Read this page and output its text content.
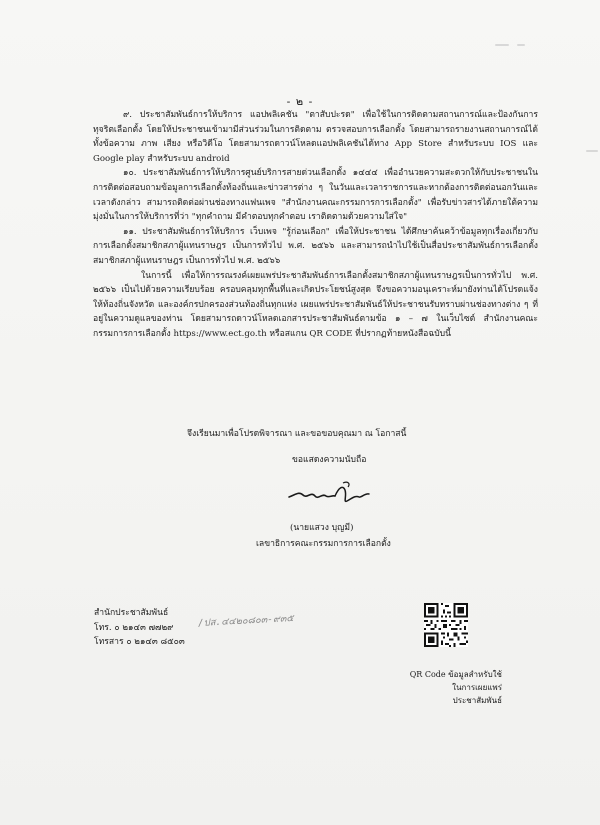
- ๒ -

๙. ประชาสัมพันธ์การให้บริการ แอปพลิเคชัน "ตาสับปะรด" เพื่อใช้ในการติดตามสถานการณ์และป้องกันการทุจริตเลือกตั้ง โดยให้ประชาชนเข้ามามีส่วนร่วมในการติดตาม ตรวจสอบการเลือกตั้ง โดยสามารถรายงานสถานการณ์ได้ทั้งข้อความ ภาพ เสียง หรือวิดีโอ โดยสามารถดาวน์โหลดแอปพลิเคชันได้ทาง App Store สำหรับระบบ IOS และ Google play สำหรับระบบ android

๑๐. ประชาสัมพันธ์การให้บริการศูนย์บริการสายด่วนเลือกตั้ง ๑๔๔๔ เพื่ออำนวยความสะดวกให้กับประชาชนในการติดต่อสอบถามข้อมูลการเลือกตั้งท้องถิ่นและข่าวสารต่าง ๆ ในวันและเวลาราชการและหากต้องการติดต่อนอกวันและเวลาดังกล่าว สามารถติดต่อผ่านช่องทางแฟนเพจ "สำนักงานคณะกรรมการการเลือกตั้ง" เพื่อรับข่าวสารได้ภายใต้ความมุ่งมั่นในการให้บริการที่ว่า "ทุกคำถาม มีคำตอบทุกคำตอบ เราติดตามด้วยความใส่ใจ"

๑๑. ประชาสัมพันธ์การให้บริการ เว็บเพจ "รู้ก่อนเลือก" เพื่อให้ประชาชน ได้ศึกษาค้นคว้าข้อมูลทุกเรื่องเกี่ยวกับการเลือกตั้งสมาชิกสภาผู้แทนราษฎร เป็นการทั่วไป พ.ศ. ๒๕๖๖ และสามารถนำไปใช้เป็นสื่อประชาสัมพันธ์การเลือกตั้งสมาชิกสภาผู้แทนราษฎร เป็นการทั่วไป พ.ศ. ๒๕๖๖

ในการนี้ เพื่อให้การรณรงค์เผยแพร่ประชาสัมพันธ์การเลือกตั้งสมาชิกสภาผู้แทนราษฎรเป็นการทั่วไป พ.ศ. ๒๕๖๖ เป็นไปด้วยความเรียบร้อย ครอบคลุมทุกพื้นที่และเกิดประโยชน์สูงสุด จึงขอความอนุเคราะห์มายังท่านได้โปรดแจ้งให้ท้องถิ่นจังหวัด และองค์กรปกครองส่วนท้องถิ่นทุกแห่ง เผยแพร่ประชาสัมพันธ์ให้ประชาชนรับทราบผ่านช่องทางต่าง ๆ ที่อยู่ในความดูแลของท่าน โดยสามารถดาวน์โหลดเอกสารประชาสัมพันธ์ตามข้อ ๑ – ๗ ในเว็บไซต์ สำนักงานคณะกรรมการการเลือกตั้ง https://www.ect.go.th หรือสแกน QR CODE ที่ปรากฏท้ายหนังสือฉบับนี้

จึงเรียนมาเพื่อโปรดพิจารณา และขอขอบคุณมา ณ โอกาสนี้
ขอแสดงความนับถือ
(นายแสวง บุญมี)
เลขาธิการคณะกรรมการการเลือกตั้ง
สำนักประชาสัมพันธ์
โทร. ๐ ๒๑๔๓ ๗๗๒๙
โทรสาร ๐ ๒๑๔๓ ๘๕๐๓
/ปส.๔๔๒๐๘๐๓-๙๓๕
QR Code ข้อมูลสำหรับใช้
ในการเผยแพร่ประชาสัมพันธ์
